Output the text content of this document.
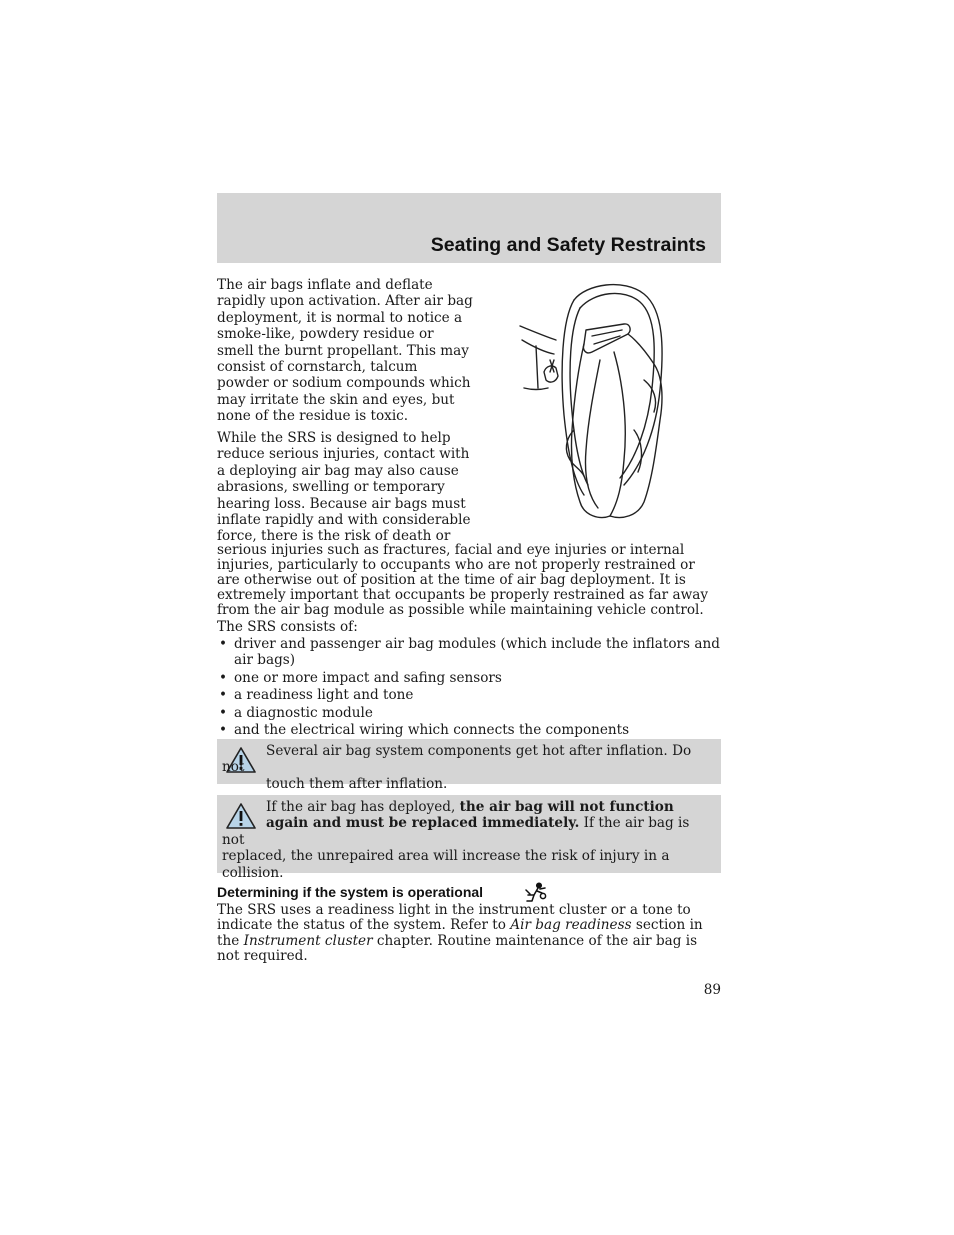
Seating and Safety Restraints
The air bags inflate and deflate
rapidly upon activation. After air bag
deployment, it is normal to notice a
smoke-like, powdery residue or
smell the burnt propellant. This may
consist of cornstarch, talcum
powder or sodium compounds which
may irritate the skin and eyes, but
none of the residue is toxic.
While the SRS is designed to help
reduce serious injuries, contact with
a deploying air bag may also cause
abrasions, swelling or temporary
hearing loss. Because air bags must
inflate rapidly and with considerable
force, there is the risk of death or
serious injuries such as fractures, facial and eye injuries or internal injuries, particularly to occupants who are not properly restrained or are otherwise out of position at the time of air bag deployment. It is extremely important that occupants be properly restrained as far away from the air bag module as possible while maintaining vehicle control.
The SRS consists of:
• driver and passenger air bag modules (which include the inflators and air bags)
• one or more impact and safing sensors
• a readiness light and tone
• a diagnostic module
• and the electrical wiring which connects the components
Several air bag system components get hot after inflation. Do not
touch them after inflation.
If the air bag has deployed, the air bag will not function
again and must be replaced immediately. If the air bag is not
replaced, the unrepaired area will increase the risk of injury in a collision.
Determining if the system is operational
The SRS uses a readiness light in the instrument cluster or a tone to indicate the status of the system. Refer to Air bag readiness section in the Instrument cluster chapter. Routine maintenance of the air bag is not required.
89
